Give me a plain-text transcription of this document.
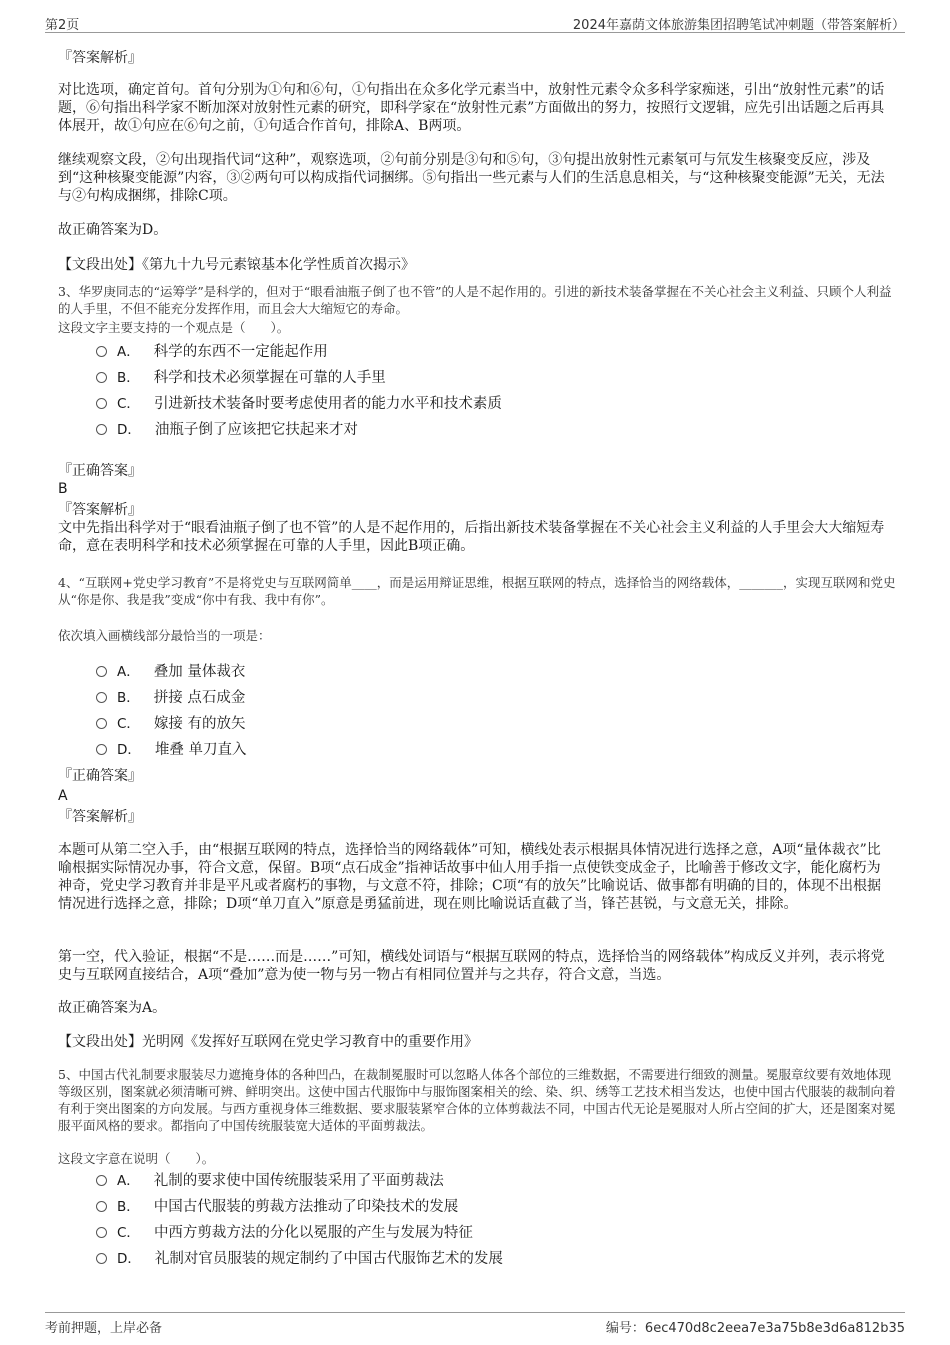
第2页	2024年嘉荫文体旅游集团招聘笔试冲刺题（带答案解析）
『答案解析』
对比选项，确定首句。首句分别为①句和⑥句，①句指出在众多化学元素当中，放射性元素令众多科学家痴迷，引出“放射性元素”的话题，⑥句指出科学家不断加深对放射性元素的研究，即科学家在“放射性元素”方面做出的努力，按照行文逻辑，应先引出话题之后再具体展开，故①句应在⑥句之前，①句适合作首句，排除A、B两项。
继续观察文段，②句出现指代词“这种”，观察选项，②句前分别是③句和⑤句，③句提出放射性元素氡可与氘发生核聚变反应，涉及到“这种核聚变能源”内容，③②两句可以构成指代词捆绑。⑤句指出一些元素与人们的生活息息相关，与“这种核聚变能源”无关，无法与②句构成捆绑，排除C项。
故正确答案为D。
【文段出处】《第九十九号元素锿基本化学性质首次揭示》
3、华罗庚同志的“运筹学”是科学的，但对于“眼看油瓶子倒了也不管”的人是不起作用的。引进的新技术装备掌握在不关心社会主义利益、只顾个人利益的人手里，不但不能充分发挥作用，而且会大大缩短它的寿命。
这段文字主要支持的一个观点是（　　）。
A． 科学的东西不一定能起作用
B． 科学和技术必须掌握在可靠的人手里
C． 引进新技术装备时要考虑使用者的能力水平和技术素质
D． 油瓶子倒了应该把它扶起来才对
『正确答案』
B
『答案解析』
文中先指出科学对于“眼看油瓶子倒了也不管”的人是不起作用的，后指出新技术装备掌握在不关心社会主义利益的人手里会大大缩短寿命，意在表明科学和技术必须掌握在可靠的人手里，因此B项正确。
4、“互联网+党史学习教育”不是将党史与互联网简单____，而是运用辩证思维，根据互联网的特点，选择恰当的网络载体，_______，实现互联网和党史从“你是你、我是我”变成“你中有我、我中有你”。
依次填入画横线部分最恰当的一项是：
A． 叠加 量体裁衣
B． 拼接 点石成金
C． 嫁接 有的放矢
D． 堆叠 单刀直入
『正确答案』
A
『答案解析』
本题可从第二空入手，由“根据互联网的特点，选择恰当的网络载体”可知，横线处表示根据具体情况进行选择之意，A项“量体裁衣”比喻根据实际情况办事，符合文意，保留。B项“点石成金”指神话故事中仙人用手指一点使铁变成金子，比喻善于修改文字，能化腐朽为神奇，党史学习教育并非是平凡或者腐朽的事物，与文意不符，排除；C项“有的放矢”比喻说话、做事都有明确的目的，体现不出根据情况进行选择之意，排除；D项“单刀直入”原意是勇猛前进，现在则比喻说话直截了当，锋芒甚锐，与文意无关，排除。
第一空，代入验证，根据“不是……而是……”可知，横线处词语与“根据互联网的特点，选择恰当的网络载体”构成反义并列，表示将党史与互联网直接结合，A项“叠加”意为使一物与另一物占有相同位置并与之共存，符合文意，当选。
故正确答案为A。
【文段出处】光明网《发挥好互联网在党史学习教育中的重要作用》
5、中国古代礼制要求服装尽力遮掩身体的各种凹凸，在裁制冕服时可以忽略人体各个部位的三维数据，不需要进行细致的测量。冕服章纹要有效地体现等级区别，图案就必须清晰可辨、鲜明突出。这使中国古代服饰中与服饰图案相关的绘、染、织、绣等工艺技术相当发达，也使中国古代服装的裁制向着有利于突出图案的方向发展。与西方重视身体三维数据、要求服装紧窄合体的立体剪裁法不同，中国古代无论是冕服对人所占空间的扩大，还是图案对冕服平面风格的要求。都指向了中国传统服装宽大适体的平面剪裁法。
这段文字意在说明（　　）。
A． 礼制的要求使中国传统服装采用了平面剪裁法
B． 中国古代服装的剪裁方法推动了印染技术的发展
C． 中西方剪裁方法的分化以冕服的产生与发展为特征
D． 礼制对官员服装的规定制约了中国古代服饰艺术的发展
考前押题，上岸必备	编号：6ec470d8c2eea7e3a75b8e3d6a812b35
